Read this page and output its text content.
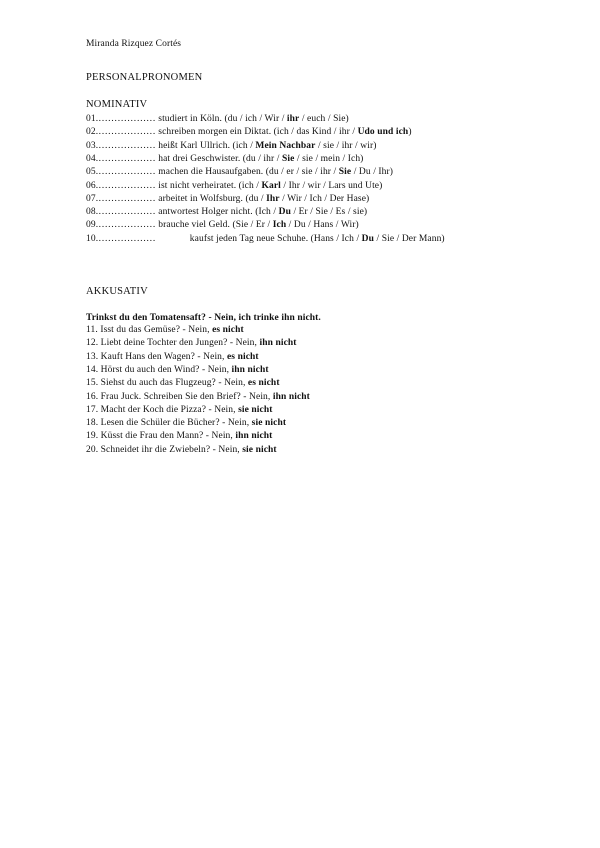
Miranda Rizquez Cortés
PERSONALPRONOMEN
NOMINATIV
01.……………… studiert in Köln. (du / ich / Wir / ihr / euch / Sie)
02.……………… schreiben morgen ein Diktat. (ich / das Kind / ihr / Udo und ich)
03.……………… heißt Karl Ullrich. (ich / Mein Nachbar / sie / ihr / wir)
04.……………… hat drei Geschwister. (du / ihr / Sie / sie / mein / Ich)
05.……………… machen die Hausaufgaben. (du / er / sie / ihr / Sie / Du / Ihr)
06.……………… ist nicht verheiratet. (ich / Karl / Ihr / wir / Lars und Ute)
07.……………… arbeitet in Wolfsburg. (du / Ihr / Wir / Ich / Der Hase)
08.……………… antwortest Holger nicht. (Ich / Du / Er / Sie / Es / sie)
09.……………… brauche viel Geld. (Sie / Er / Ich / Du / Hans / Wir)
10.………………	kaufst jeden Tag neue Schuhe. (Hans / Ich / Du / Sie / Der Mann)
AKKUSATIV
Trinkst du den Tomatensaft? - Nein, ich trinke ihn nicht.
11. Isst du das Gemüse? - Nein, es nicht
12. Liebt deine Tochter den Jungen? - Nein, ihn nicht
13. Kauft Hans den Wagen? - Nein, es nicht
14. Hörst du auch den Wind? - Nein, ihn nicht
15. Siehst du auch das Flugzeug? - Nein, es nicht
16. Frau Juck. Schreiben Sie den Brief? - Nein, ihn nicht
17. Macht der Koch die Pizza? - Nein, sie nicht
18. Lesen die Schüler die Bücher? - Nein, sie nicht
19. Küsst die Frau den Mann? - Nein, ihn nicht
20. Schneidet ihr die Zwiebeln? - Nein, sie nicht
